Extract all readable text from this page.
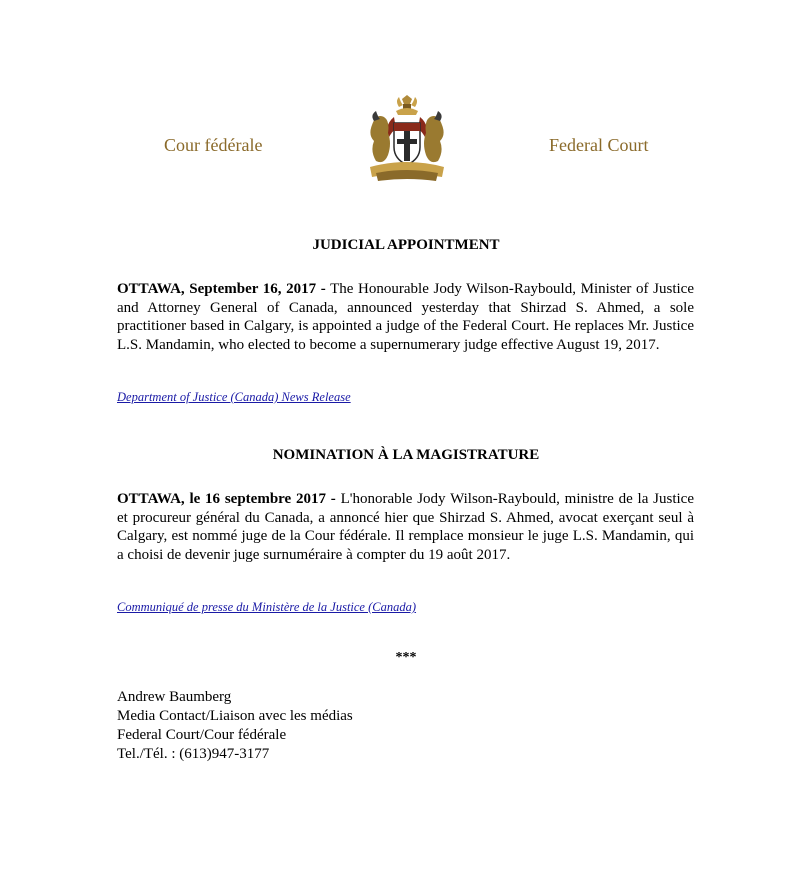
Cour fédérale	Federal Court
JUDICIAL APPOINTMENT

OTTAWA, September 16, 2017 - The Honourable Jody Wilson-Raybould, Minister of Justice and Attorney General of Canada, announced yesterday that Shirzad S. Ahmed, a sole practitioner based in Calgary, is appointed a judge of the Federal Court. He replaces Mr. Justice L.S. Mandamin, who elected to become a supernumerary judge effective August 19, 2017.

Department of Justice (Canada) News Release
NOMINATION À LA MAGISTRATURE

OTTAWA, le 16 septembre 2017 - L'honorable Jody Wilson-Raybould, ministre de la Justice et procureur général du Canada, a annoncé hier que Shirzad S. Ahmed, avocat exerçant seul à Calgary, est nommé juge de la Cour fédérale. Il remplace monsieur le juge L.S. Mandamin, qui a choisi de devenir juge surnuméraire à compter du 19 août 2017.

Communiqué de presse du Ministère de la Justice (Canada)
***
Andrew Baumberg
Media Contact/Liaison avec les médias
Federal Court/Cour fédérale
Tel./Tél. : (613)947-3177
